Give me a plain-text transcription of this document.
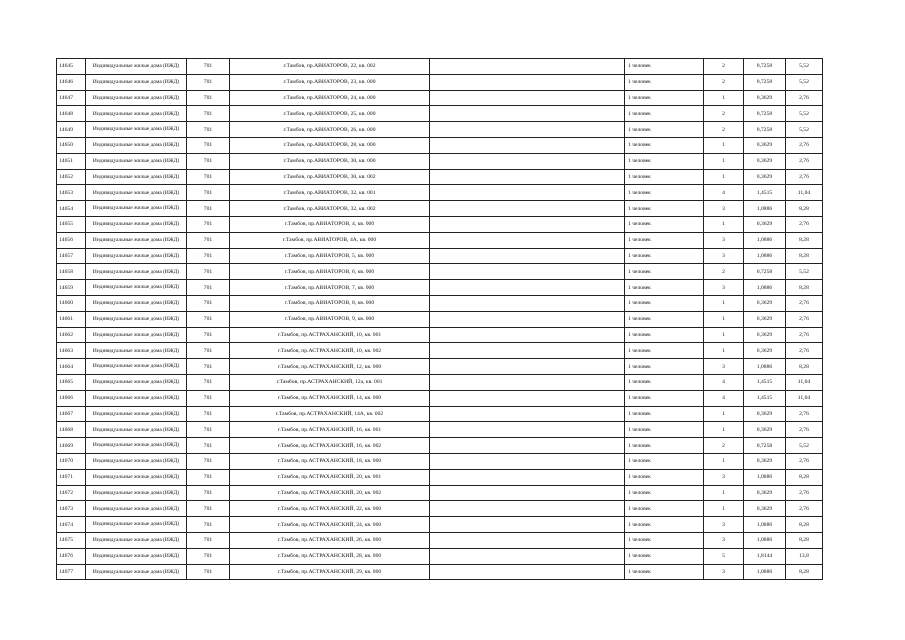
14645	Индивидуальные жилые дома (ИЖД)	701	г.Тамбов, пр.АВИАТОРОВ, 22, кв. 002		1 человек	2	0,7258	5,52
14646	Индивидуальные жилые дома (ИЖД)	701	г.Тамбов, пр.АВИАТОРОВ, 23, кв. 000		1 человек	2	0,7258	5,52
14647	Индивидуальные жилые дома (ИЖД)	701	г.Тамбов, пр.АВИАТОРОВ, 24, кв. 000		1 человек	1	0,3629	2,76
14648	Индивидуальные жилые дома (ИЖД)	701	г.Тамбов, пр.АВИАТОРОВ, 25, кв. 000		1 человек	2	0,7258	5,52
14649	Индивидуальные жилые дома (ИЖД)	701	г.Тамбов, пр.АВИАТОРОВ, 26, кв. 000		1 человек	2	0,7258	5,52
14650	Индивидуальные жилые дома (ИЖД)	701	г.Тамбов, пр.АВИАТОРОВ, 28, кв. 000		1 человек	1	0,3629	2,76
14651	Индивидуальные жилые дома (ИЖД)	701	г.Тамбов, пр.АВИАТОРОВ, 30, кв. 000		1 человек	1	0,3629	2,76
14652	Индивидуальные жилые дома (ИЖД)	701	г.Тамбов, пр.АВИАТОРОВ, 30, кв. 002		1 человек	1	0,3629	2,76
14653	Индивидуальные жилые дома (ИЖД)	701	г.Тамбов, пр.АВИАТОРОВ, 32, кв. 001		1 человек	4	1,4515	11,04
14654	Индивидуальные жилые дома (ИЖД)	701	г.Тамбов, пр.АВИАТОРОВ, 32, кв. 002		1 человек	3	1,0886	8,28
14655	Индивидуальные жилые дома (ИЖД)	701	г.Тамбов, пр.АВИАТОРОВ, 4, кв. 000		1 человек	1	0,3629	2,76
14656	Индивидуальные жилые дома (ИЖД)	701	г.Тамбов, пр.АВИАТОРОВ, 4А, кв. 000		1 человек	3	1,0886	8,28
14657	Индивидуальные жилые дома (ИЖД)	701	г.Тамбов, пр.АВИАТОРОВ, 5, кв. 000		1 человек	3	1,0886	8,28
14658	Индивидуальные жилые дома (ИЖД)	701	г.Тамбов, пр.АВИАТОРОВ, 6, кв. 000		1 человек	2	0,7258	5,52
14659	Индивидуальные жилые дома (ИЖД)	701	г.Тамбов, пр.АВИАТОРОВ, 7, кв. 000		1 человек	3	1,0886	8,28
14660	Индивидуальные жилые дома (ИЖД)	701	г.Тамбов, пр.АВИАТОРОВ, 8, кв. 000		1 человек	1	0,3629	2,76
14661	Индивидуальные жилые дома (ИЖД)	701	г.Тамбов, пр.АВИАТОРОВ, 9, кв. 000		1 человек	1	0,3629	2,76
14662	Индивидуальные жилые дома (ИЖД)	701	г.Тамбов, пр.АСТРАХАНСКИЙ, 10, кв. 001		1 человек	1	0,3629	2,76
14663	Индивидуальные жилые дома (ИЖД)	701	г.Тамбов, пр.АСТРАХАНСКИЙ, 10, кв. 002		1 человек	1	0,3629	2,76
14664	Индивидуальные жилые дома (ИЖД)	701	г.Тамбов, пр.АСТРАХАНСКИЙ, 12, кв. 000		1 человек	3	1,0886	8,28
14665	Индивидуальные жилые дома (ИЖД)	701	г.Тамбов, пр.АСТРАХАНСКИЙ, 12а, кв. 001		1 человек	4	1,4515	11,04
14666	Индивидуальные жилые дома (ИЖД)	701	г.Тамбов, пр.АСТРАХАНСКИЙ, 14, кв. 000		1 человек	4	1,4515	11,04
14667	Индивидуальные жилые дома (ИЖД)	701	г.Тамбов, пр.АСТРАХАНСКИЙ, 14А, кв. 002		1 человек	1	0,3629	2,76
14668	Индивидуальные жилые дома (ИЖД)	701	г.Тамбов, пр.АСТРАХАНСКИЙ, 16, кв. 001		1 человек	1	0,3629	2,76
14669	Индивидуальные жилые дома (ИЖД)	701	г.Тамбов, пр.АСТРАХАНСКИЙ, 16, кв. 002		1 человек	2	0,7258	5,52
14670	Индивидуальные жилые дома (ИЖД)	701	г.Тамбов, пр.АСТРАХАНСКИЙ, 18, кв. 000		1 человек	1	0,3629	2,76
14671	Индивидуальные жилые дома (ИЖД)	701	г.Тамбов, пр.АСТРАХАНСКИЙ, 20, кв. 001		1 человек	3	1,0886	8,28
14672	Индивидуальные жилые дома (ИЖД)	701	г.Тамбов, пр.АСТРАХАНСКИЙ, 20, кв. 002		1 человек	1	0,3629	2,76
14673	Индивидуальные жилые дома (ИЖД)	701	г.Тамбов, пр.АСТРАХАНСКИЙ, 22, кв. 000		1 человек	1	0,3629	2,76
14674	Индивидуальные жилые дома (ИЖД)	701	г.Тамбов, пр.АСТРАХАНСКИЙ, 24, кв. 000		1 человек	3	1,0886	8,28
14675	Индивидуальные жилые дома (ИЖД)	701	г.Тамбов, пр.АСТРАХАНСКИЙ, 26, кв. 000		1 человек	3	1,0886	8,28
14676	Индивидуальные жилые дома (ИЖД)	701	г.Тамбов, пр.АСТРАХАНСКИЙ, 28, кв. 000		1 человек	5	1,8144	13,8
14677	Индивидуальные жилые дома (ИЖД)	701	г.Тамбов, пр.АСТРАХАНСКИЙ, 29, кв. 000		1 человек	3	1,0886	8,28
